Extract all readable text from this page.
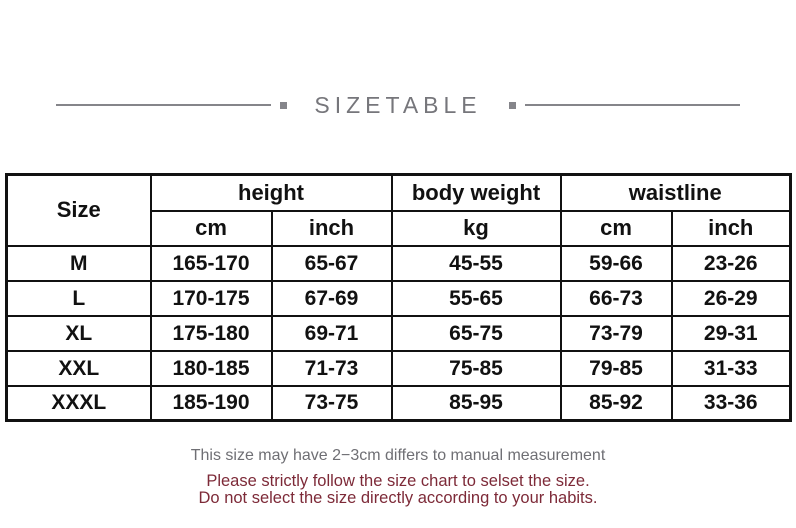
SIZETABLE
Size	height		body weight	waistline	
	cm	inch	kg	cm	inch
M	165-170	65-67	45-55	59-66	23-26
L	170-175	67-69	55-65	66-73	26-29
XL	175-180	69-71	65-75	73-79	29-31
XXL	180-185	71-73	75-85	79-85	31-33
XXXL	185-190	73-75	85-95	85-92	33-36

This size may have 2−3cm differs to manual measurement

Please strictly follow the size chart to selset the size.

Do not select the size directly according to your habits.
